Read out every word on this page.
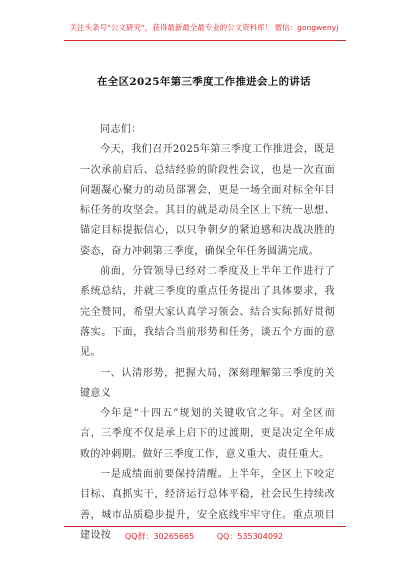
关注头条号“公文研究”，获得最新最全最专业的公文资料库！ 微信：gongwenyj
在全区2025年第三季度工作推进会上的讲话

同志们：

今天，我们召开2025年第三季度工作推进会，既是一次承前启后、总结经验的阶段性会议，也是一次直面问题凝心聚力的动员部署会，更是一场全面对标全年目标任务的攻坚会。其目的就是动员全区上下统一思想、锚定目标提振信心，以只争朝夕的紧迫感和决战决胜的姿态，奋力冲刺第三季度，确保全年任务圆满完成。

前面，分管领导已经对二季度及上半年工作进行了系统总结，并就三季度的重点任务提出了具体要求，我完全赞同，希望大家认真学习领会、结合实际抓好贯彻落实。下面，我结合当前形势和任务，谈五个方面的意见。

一、认清形势，把握大局，深刻理解第三季度的关键意义

今年是“十四五”规划的关键收官之年。对全区而言，三季度不仅是承上启下的过渡期，更是决定全年成败的冲刺期。做好三季度工作，意义重大、责任重大。

一是成绩面前要保持清醒。上半年，全区上下咬定目标、真抓实干，经济运行总体平稳，社会民生持续改善，城市品质稳步提升，安全底线牢牢守住。重点项目建设按	QQ群：30265665	QQ：535304092
